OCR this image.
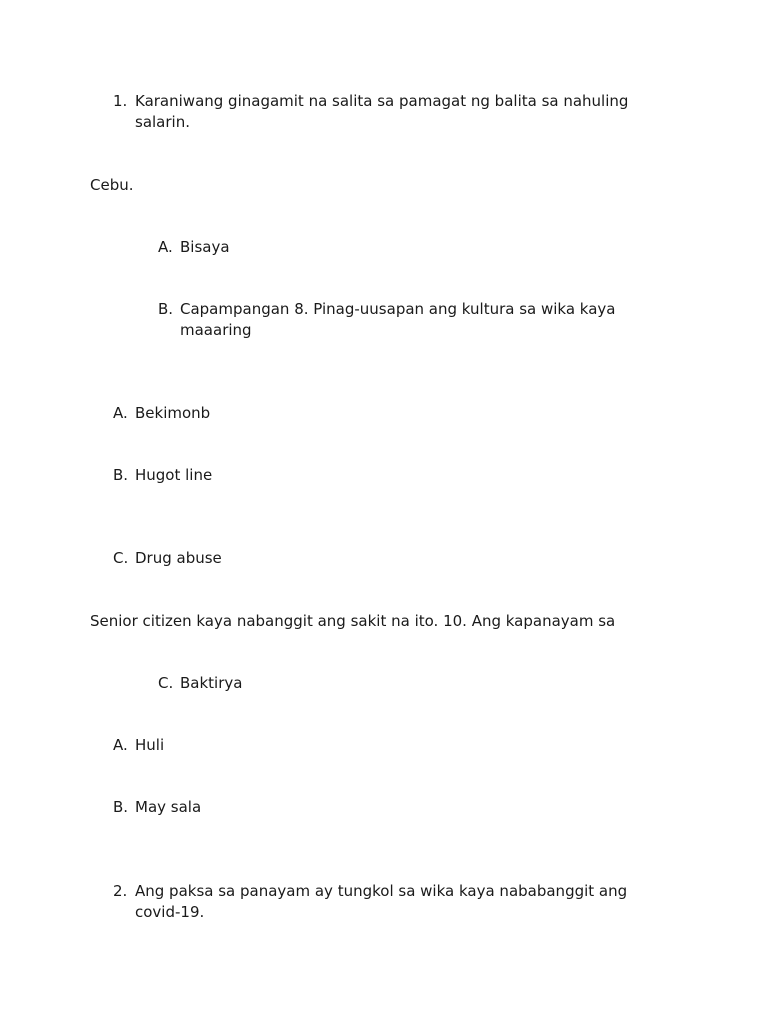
1. Karaniwang ginagamit na salita sa pamagat ng balita sa nahuling salarin.
Cebu.
A. Bisaya
B. Capampangan 8. Pinag-uusapan ang kultura sa wika kaya maaaring
A. Bekimonb
B. Hugot line
C. Drug abuse
Senior citizen kaya nabanggit ang sakit na ito. 10. Ang kapanayam sa
C. Baktirya
A. Huli
B. May sala
2. Ang paksa sa panayam ay tungkol sa wika kaya nababanggit ang covid-19.
